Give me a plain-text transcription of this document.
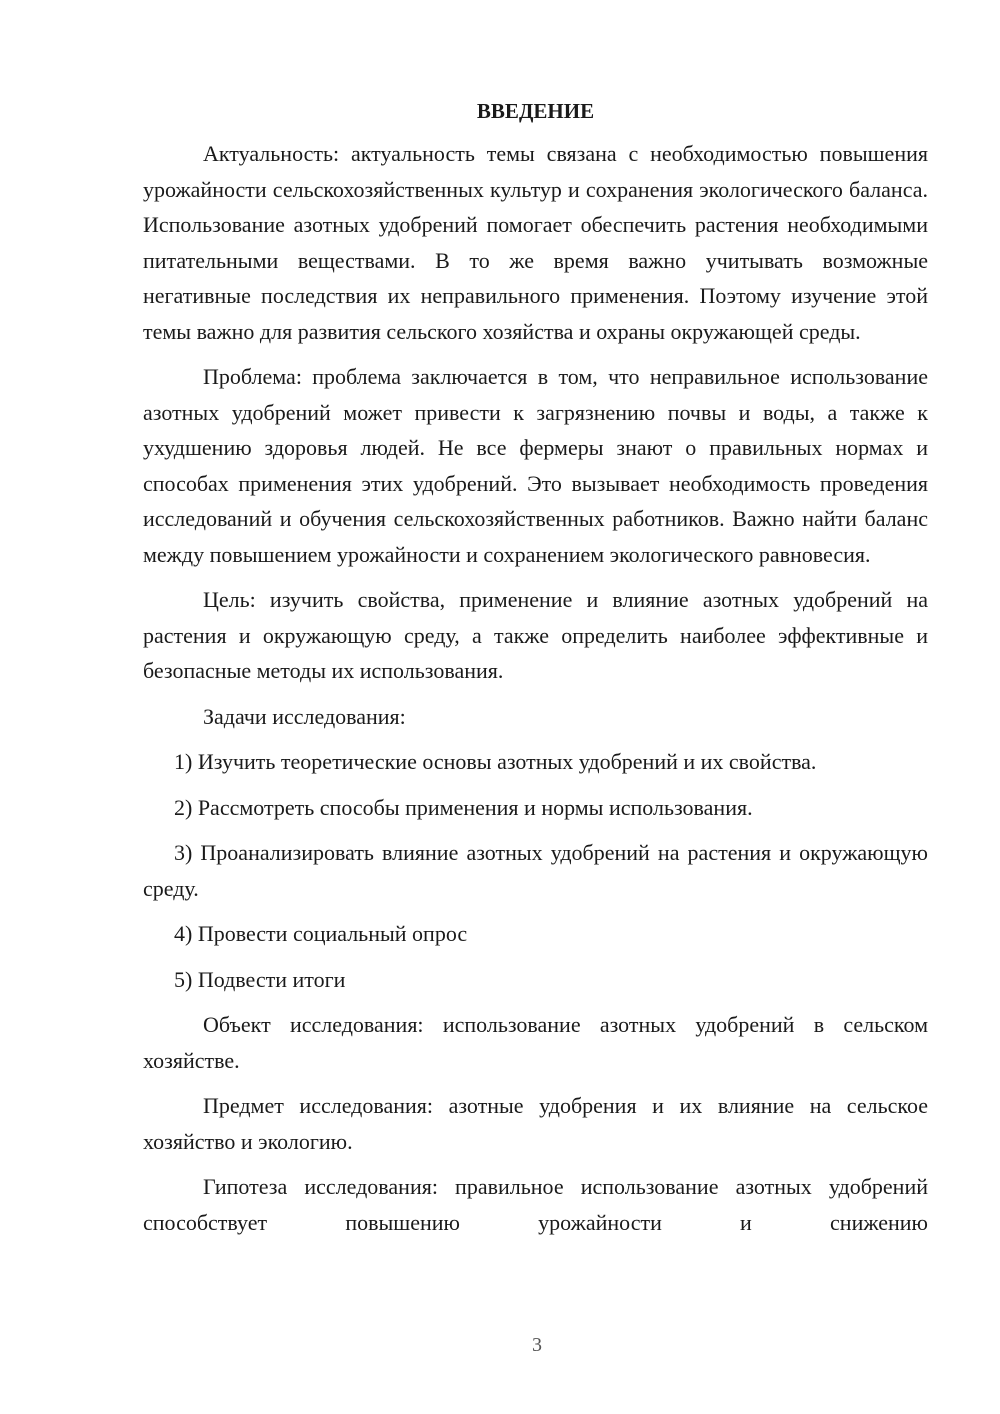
ВВЕДЕНИЕ

Актуальность: актуальность темы связана с необходимостью повышения урожайности сельскохозяйственных культур и сохранения экологического баланса. Использование азотных удобрений помогает обеспечить растения необходимыми питательными веществами. В то же время важно учитывать возможные негативные последствия их неправильного применения. Поэтому изучение этой темы важно для развития сельского хозяйства и охраны окружающей среды.

Проблема: проблема заключается в том, что неправильное использование азотных удобрений может привести к загрязнению почвы и воды, а также к ухудшению здоровья людей. Не все фермеры знают о правильных нормах и способах применения этих удобрений. Это вызывает необходимость проведения исследований и обучения сельскохозяйственных работников. Важно найти баланс между повышением урожайности и сохранением экологического равновесия.

Цель: изучить свойства, применение и влияние азотных удобрений на растения и окружающую среду, а также определить наиболее эффективные и безопасные методы их использования.

Задачи исследования:

1) Изучить теоретические основы азотных удобрений и их свойства.

2) Рассмотреть способы применения и нормы использования.

3) Проанализировать влияние азотных удобрений на растения и окружающую среду.

4) Провести социальный опрос

5) Подвести итоги

Объект исследования: использование азотных удобрений в сельском хозяйстве.

Предмет исследования: азотные удобрения и их влияние на сельское хозяйство и экологию.

Гипотеза исследования: правильное использование азотных удобрений способствует повышению урожайности и снижению

3
